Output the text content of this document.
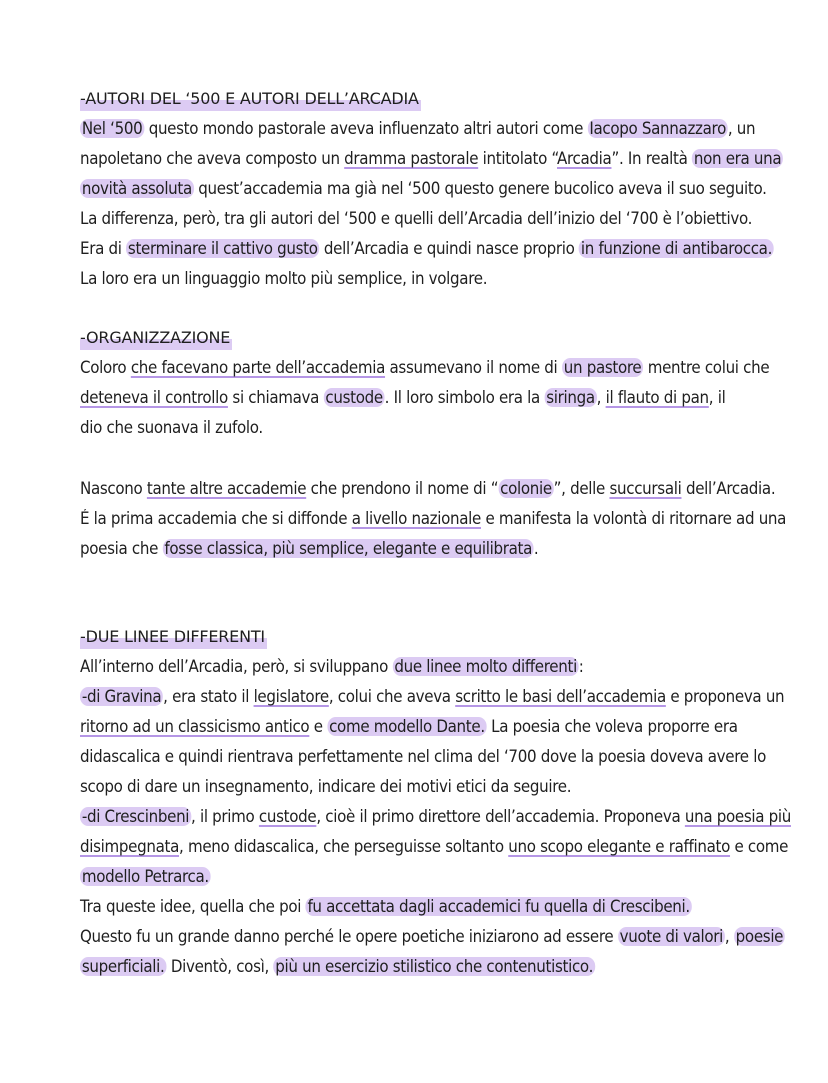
-AUTORI DEL ‘500 E AUTORI DELL’ARCADIA
Nel ‘500 questo mondo pastorale aveva influenzato altri autori come Iacopo Sannazzaro , un
napoletano che aveva composto un dramma pastorale intitolato “Arcadia”. In realtà non era una
novità assoluta quest’accademia ma già nel ‘500 questo genere bucolico aveva il suo seguito.
La differenza, però, tra gli autori del ‘500 e quelli dell’Arcadia dell’inizio del ‘700 è l’obiettivo.
Era di sterminare il cattivo gusto dell’Arcadia e quindi nasce proprio in funzione di antibarocca.
La loro era un linguaggio molto più semplice, in volgare.
-ORGANIZZAZIONE
Coloro che facevano parte dell’accademia assumevano il nome di un pastore mentre colui che
deteneva il controllo si chiamava custode . Il loro simbolo era la siringa , il flauto di pan, il
dio che suonava il zufolo.
Nascono tante altre accademie che prendono il nome di “ colonie ”, delle succursali dell’Arcadia.
É la prima accademia che si diffonde a livello nazionale e manifesta la volontà di ritornare ad una
poesia che fosse classica, più semplice, elegante e equilibrata .
-DUE LINEE DIFFERENTI
All’interno dell’Arcadia, però, si sviluppano due linee molto differenti :
-di Gravina , era stato il legislatore, colui che aveva scritto le basi dell’accademia e proponeva un
ritorno ad un classicismo antico e come modello Dante. La poesia che voleva proporre era
didascalica e quindi rientrava perfettamente nel clima del ‘700 dove la poesia doveva avere lo
scopo di dare un insegnamento, indicare dei motivi etici da seguire.
-di Crescinbeni , il primo custode, cioè il primo direttore dell’accademia. Proponeva una poesia più
disimpegnata, meno didascalica, che perseguisse soltanto uno scopo elegante e raffinato e come
modello Petrarca.
Tra queste idee, quella che poi fu accettata dagli accademici fu quella di Crescibeni.
Questo fu un grande danno perché le opere poetiche iniziarono ad essere vuote di valori , poesie
superficiali. Diventò, così, più un esercizio stilistico che contenutistico.
